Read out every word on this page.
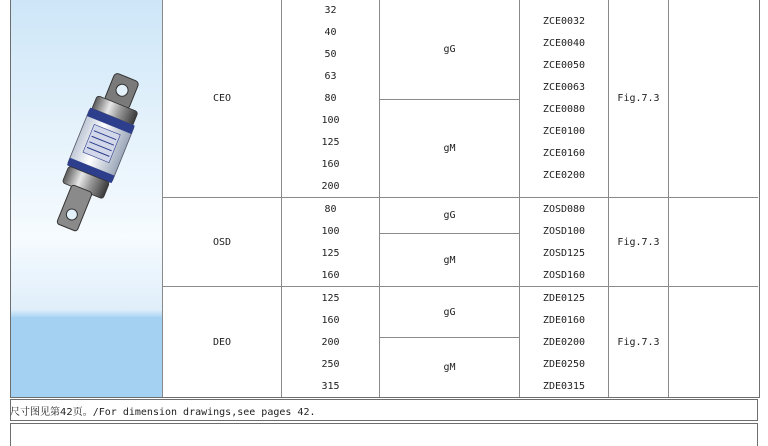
CEO
32
40
50
63
80
100
125
160
200
gG
gM
ZCE0032
ZCE0040
ZCE0050
ZCE0063
ZCE0080
ZCE0100
ZCE0160
ZCE0200
Fig.7.3
OSD
80
100
125
160
gG
gM
ZOSD080
ZOSD100
ZOSD125
ZOSD160
Fig.7.3
DEO
125
160
200
250
315
gG
gM
ZDE0125
ZDE0160
ZDE0200
ZDE0250
ZDE0315
Fig.7.3
尺寸图见第42页。/For dimension drawings,see pages 42.
